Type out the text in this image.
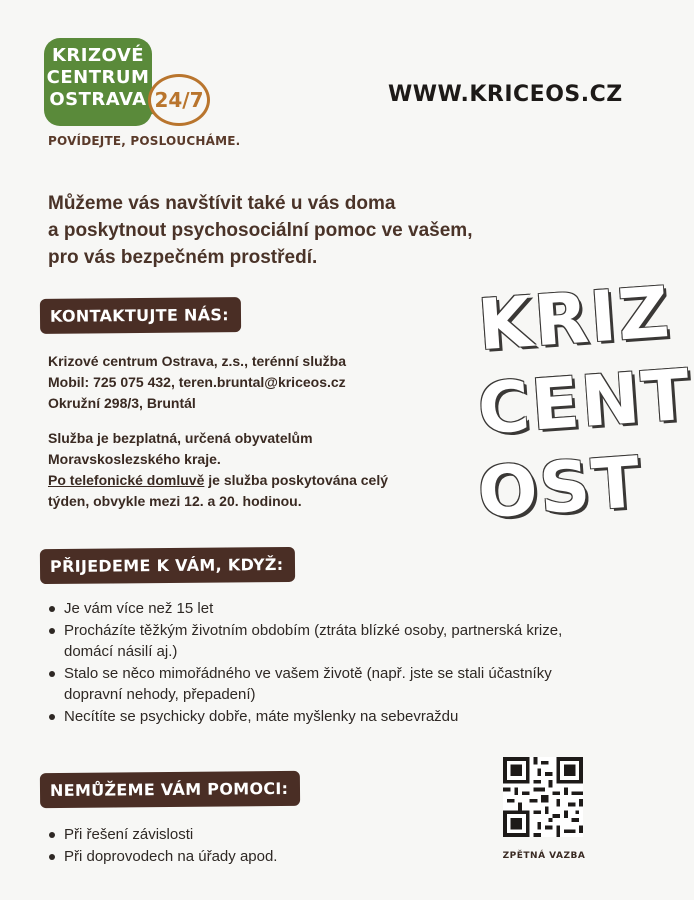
KRIZOVÉ
CENTRUM
OSTRAVA 24/7
POVÍDEJTE, POSLOUCHÁME.
WWW.KRICEOS.CZ
Můžeme vás navštívit také u vás doma
a poskytnout psychosociální pomoc ve vašem,
pro vás bezpečném prostředí.
KRIZ
CENT
OST
KONTAKTUJTE NÁS:
Krizové centrum Ostrava, z.s., terénní služba
Mobil: 725 075 432, teren.bruntal@kriceos.cz
Okružní 298/3, Bruntál
Služba je bezplatná, určená obyvatelům
Moravskoslezského kraje.
Po telefonické domluvě je služba poskytována celý
týden, obvykle mezi 12. a 20. hodinou.
PŘIJEDEME K VÁM, KDYŽ:
Je vám více než 15 let
Procházíte těžkým životním obdobím (ztráta blízké osoby, partnerská krize, domácí násilí aj.)
Stalo se něco mimořádného ve vašem životě (např. jste se stali účastníky dopravní nehody, přepadení)
Necítíte se psychicky dobře, máte myšlenky na sebevraždu
NEMŮŽEME VÁM POMOCI:
Při řešení závislosti
Při doprovodech na úřady apod.	ZPĚTNÁ VAZBA
